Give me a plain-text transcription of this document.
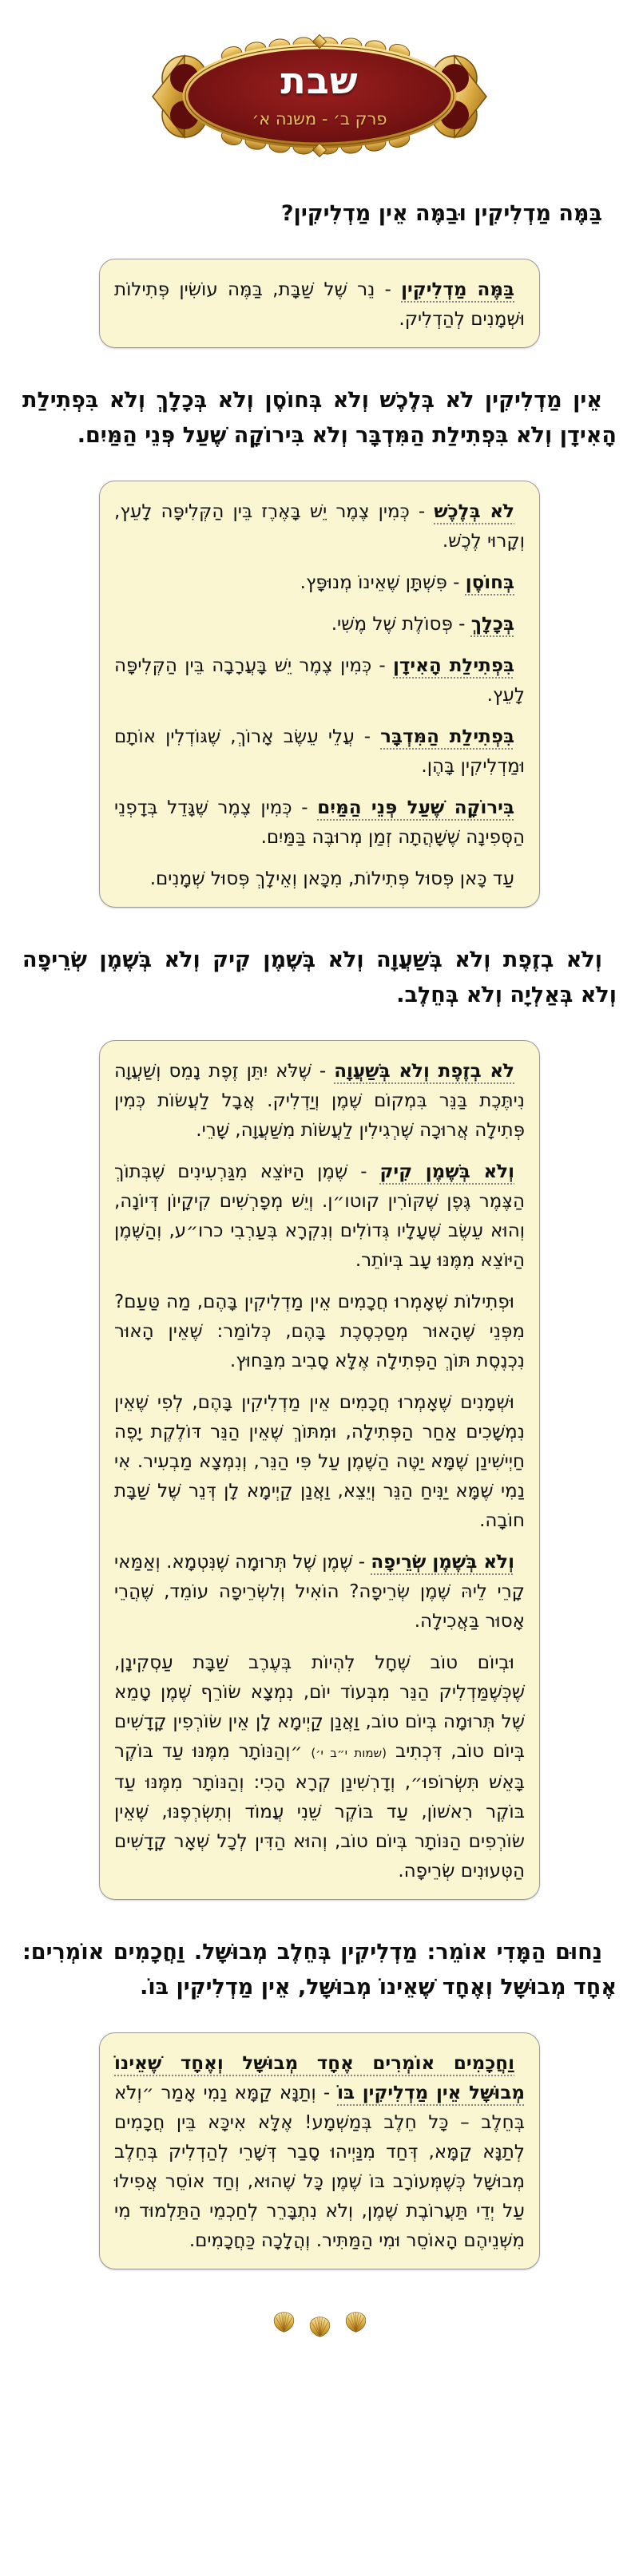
שבת
פרק ב׳ - משנה א׳
בַּמֶּה מַדְלִיקִין וּבַמֶּה אֵין מַדְלִיקִין?

בַּמֶּה מַדְלִיקִין - נֵר שֶׁל שַׁבָּת, בַּמֶּה עוֹשִׂין פְּתִילוֹת וּשְׁמָנִים לְהַדְלִיק.

אֵין מַדְלִיקִין לֹא בְּלֶכֶשׁ וְלֹא בְּחוֹסֶן וְלֹא בְּכָלָךְ וְלֹא בִּפְתִילַת הָאִידָן וְלֹא בִּפְתִילַת הַמִּדְבָּר וְלֹא בִּירוֹקָה שֶׁעַל פְּנֵי הַמַּיִם.

לֹא בְּלֶכֶשׁ - כְּמִין צֶמֶר יֵשׁ בָּאֶרֶז בֵּין הַקְּלִיפָּה לָעֵץ, וְקָרוּי לֶכֶשׁ.

בְּחוֹסֶן - פִּשְׁתָּן שֶׁאֵינוֹ מְנוּפָּץ.

בְּכָלָךְ - פְּסוֹלֶת שֶׁל מֶשִׁי.

בִּפְתִילַת הָאִידָן - כְּמִין צֶמֶר יֵשׁ בָּעֲרָבָה בֵּין הַקְּלִיפָּה לָעֵץ.

בִּפְתִילַת הַמִּדְבָּר - עֲלֵי עֵשֶׂב אָרוֹךְ, שֶׁגּוֹדְלִין אוֹתָם וּמַדְלִיקִין בָּהֶן.

בִּירוֹקָה שֶׁעַל פְּנֵי הַמַּיִם - כְּמִין צֶמֶר שֶׁגָּדֵל בְּדָפְנֵי הַסְּפִינָה שֶׁשָּׁהֲתָה זְמַן מְרוּבֶּה בַּמַּיִם.

עַד כָּאן פְּסוּל פְּתִילוֹת, מִכָּאן וְאֵילָךְ פְּסוּל שְׁמָנִים.

וְלֹא בְזֶפֶת וְלֹא בְּשַׁעֲוָה וְלֹא בְּשֶׁמֶן קִיק וְלֹא בְּשֶׁמֶן שְׂרֵיפָה וְלֹא בְּאַלְיָה וְלֹא בְּחֵלֶב.

לֹא בְזֶפֶת וְלֹא בְּשַׁעֲוָה - שֶׁלֹּא יִתֵּן זֶפֶת נָמֵס וְשַׁעֲוָה נִיתֶּכֶת בַּנֵּר בִּמְקוֹם שֶׁמֶן וְיַדְלִיק. אֲבָל לַעֲשׂוֹת כְּמִין פְּתִילָה אֲרוּכָה שֶׁרְגִילִין לַעֲשׂוֹת מִשַּׁעֲוָה, שָׁרֵי.

וְלֹא בְּשֶׁמֶן קִיק - שֶׁמֶן הַיּוֹצֵא מִגַּרְעִינִים שֶׁבְּתוֹךְ הַצֶּמֶר גֶּפֶן שֶׁקּוֹרִין קוטו״ן. וְיֵשׁ מְפָרְשִׁים קִיקָיוֹן דְּיוֹנָה, וְהוּא עֵשֶׂב שֶׁעָלָיו גְּדוֹלִים וְנִקְרָא בְּעַרְבִי כרו״ע, וְהַשֶּׁמֶן הַיּוֹצֵא מִמֶּנּוּ עָב בְּיוֹתֵר.

וּפְתִילוֹת שֶׁאָמְרוּ חֲכָמִים אֵין מַדְלִיקִין בָּהֶם, מַה טַּעַם? מִפְּנֵי שֶׁהָאוּר מְסַכְסֶכֶת בָּהֶם, כְּלוֹמַר: שֶׁאֵין הָאוּר נִכְנֶסֶת תּוֹךְ הַפְּתִילָה אֶלָּא סָבִיב מִבַּחוּץ.

וּשְׁמָנִים שֶׁאָמְרוּ חֲכָמִים אֵין מַדְלִיקִין בָּהֶם, לְפִי שֶׁאֵין נִמְשָׁכִים אַחַר הַפְּתִילָה, וּמִתּוֹךְ שֶׁאֵין הַנֵּר דּוֹלֶקֶת יָפֶה חַיְישִׁינַן שֶׁמָּא יַטֶּה הַשֶּׁמֶן עַל פִּי הַנֵּר, וְנִמְצָא מַבְעִיר. אִי נַמִי שֶׁמָּא יַנִּיחַ הַנֵּר וְיֵצֵא, וַאֲנַן קַיְימָא לָן דְּנֵר שֶׁל שַׁבָּת חוֹבָה.

וְלֹא בְּשֶׁמֶן שְׂרֵיפָה - שֶׁמֶן שֶׁל תְּרוּמָה שֶׁנִּטְמָא. וְאַמַּאי קָרֵי לֵיהּ שֶׁמֶן שְׂרֵיפָה? הוֹאִיל וְלִשְׂרֵיפָה עוֹמֵד, שֶׁהֲרֵי אָסוּר בַּאֲכִילָה.

וּבְיוֹם טוֹב שֶׁחָל לִהְיוֹת בְּעֶרֶב שַׁבָּת עַסְקִינָן, שֶׁכְּשֶׁמַּדְלִיק הַנֵּר מִבְּעוֹד יוֹם, נִמְצָא שׂוֹרֵף שֶׁמֶן טָמֵא שֶׁל תְּרוּמָה בְּיוֹם טוֹב, וַאֲנַן קַיְימָא לָן אֵין שׂוֹרְפִין קָדָשִׁים בְּיוֹם טוֹב, דִּכְתִיב (שמות י״ב י׳) ״וְהַנּוֹתָר מִמֶּנּוּ עַד בּוֹקֶר בָּאֵשׁ תִּשְׂרוֹפוּ״, וְדָרְשִׁינַן קְרָא הָכִי: וְהַנּוֹתָר מִמֶּנּוּ עַד בּוֹקֶר רִאשׁוֹן, עַד בּוֹקֶר שֵׁנִי עֲמוֹד וְתִשְׂרְפֶנּוּ, שֶׁאֵין שׂוֹרְפִים הַנּוֹתָר בְּיוֹם טוֹב, וְהוּא הַדִּין לְכָל שְׁאָר קָדָשִׁים הַטְּעוּנִים שְׂרֵיפָה.

נַחוּם הַמָּדִי אוֹמֵר: מַדְלִיקִין בְּחֵלֶב מְבוּשָּׁל. וַחֲכָמִים אוֹמְרִים: אֶחָד מְבוּשָּׁל וְאֶחָד שֶׁאֵינוֹ מְבוּשָּׁל, אֵין מַדְלִיקִין בּוֹ.

וַחֲכָמִים אוֹמְרִים אֶחָד מְבוּשָּׁל וְאֶחָד שֶׁאֵינוֹ מְבוּשָּׁל אֵין מַדְלִיקִין בּוֹ - וְתַנָּא קַמָּא נַמִי אָמַר ״וְלֹא בְּחֵלֶב – כָּל חֵלֶב בְּמַשְׁמָע! אֶלָּא אִיכָּא בֵּין חֲכָמִים לְתַנָּא קַמָּא, דְּחַד מִנַּיְיהוּ סָבַר דְּשָׁרֵי לְהַדְלִיק בְּחֵלֶב מְבוּשָּׁל כְּשֶׁמְּעוֹרָב בּוֹ שֶׁמֶן כָּל שֶׁהוּא, וְחַד אוֹסֵר אֲפִילוּ עַל יְדֵי תַּעֲרוֹבֶת שֶׁמֶן, וְלֹא נִתְבָּרֵר לְחַכְמֵי הַתַּלְמוּד מִי מִשְּׁנֵיהֶם הָאוֹסֵר וּמִי הַמַּתִּיר. וְהֲלָכָה כַּחֲכָמִים.
